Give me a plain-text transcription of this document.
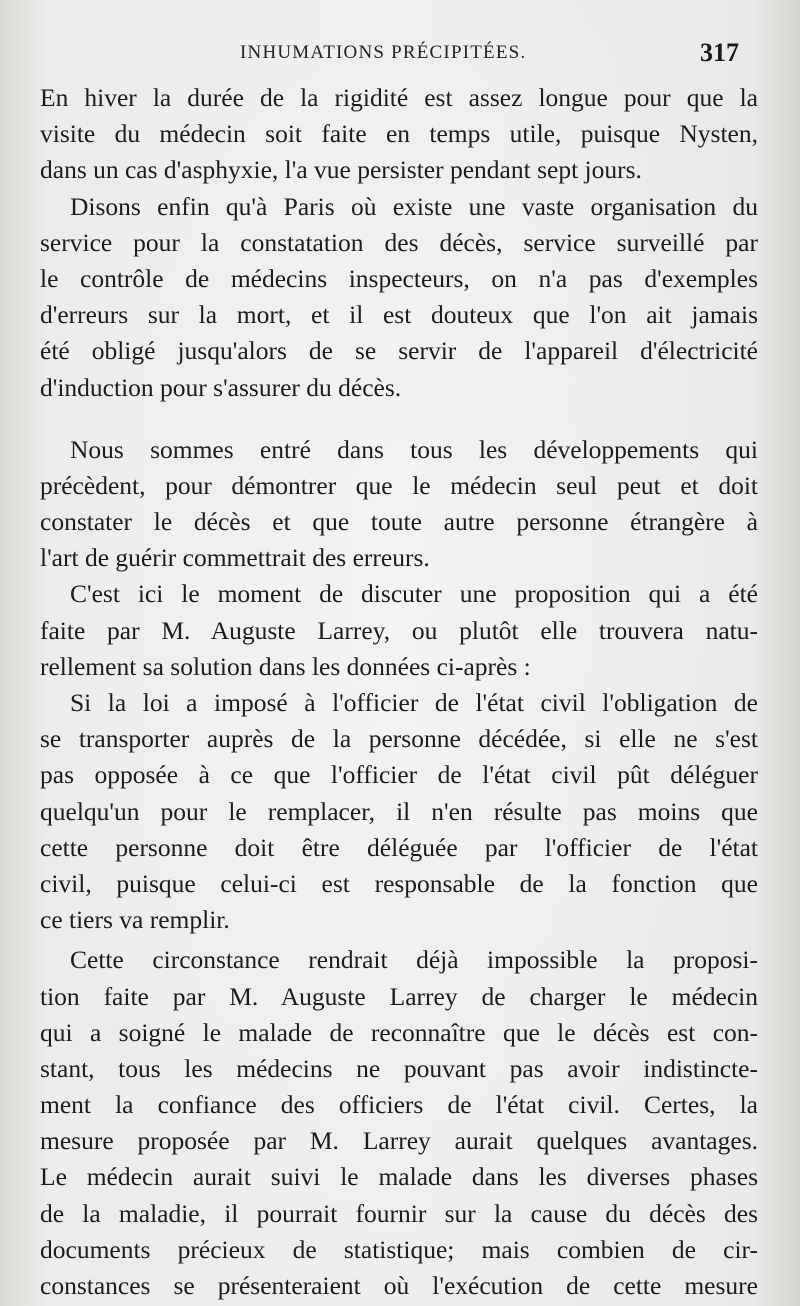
INHUMATIONS PRÉCIPITÉES.	317
En hiver la durée de la rigidité est assez longue pour que la
visite du médecin soit faite en temps utile, puisque Nysten,
dans un cas d'asphyxie, l'a vue persister pendant sept jours.
Disons enfin qu'à Paris où existe une vaste organisation du
service pour la constatation des décès, service surveillé par
le contrôle de médecins inspecteurs, on n'a pas d'exemples
d'erreurs sur la mort, et il est douteux que l'on ait jamais
été obligé jusqu'alors de se servir de l'appareil d'électricité
d'induction pour s'assurer du décès.
Nous sommes entré dans tous les développements qui
précèdent, pour démontrer que le médecin seul peut et doit
constater le décès et que toute autre personne étrangère à
l'art de guérir commettrait des erreurs.
C'est ici le moment de discuter une proposition qui a été
faite par M. Auguste Larrey, ou plutôt elle trouvera natu-
rellement sa solution dans les données ci-après :
Si la loi a imposé à l'officier de l'état civil l'obligation de
se transporter auprès de la personne décédée, si elle ne s'est
pas opposée à ce que l'officier de l'état civil pût déléguer
quelqu'un pour le remplacer, il n'en résulte pas moins que
cette personne doit être déléguée par l'officier de l'état
civil, puisque celui-ci est responsable de la fonction que
ce tiers va remplir.
Cette circonstance rendrait déjà impossible la proposi-
tion faite par M. Auguste Larrey de charger le médecin
qui a soigné le malade de reconnaître que le décès est con-
stant, tous les médecins ne pouvant pas avoir indistincte-
ment la confiance des officiers de l'état civil. Certes, la
mesure proposée par M. Larrey aurait quelques avantages.
Le médecin aurait suivi le malade dans les diverses phases
de la maladie, il pourrait fournir sur la cause du décès des
documents précieux de statistique; mais combien de cir-
constances se présenteraient où l'exécution de cette mesure
